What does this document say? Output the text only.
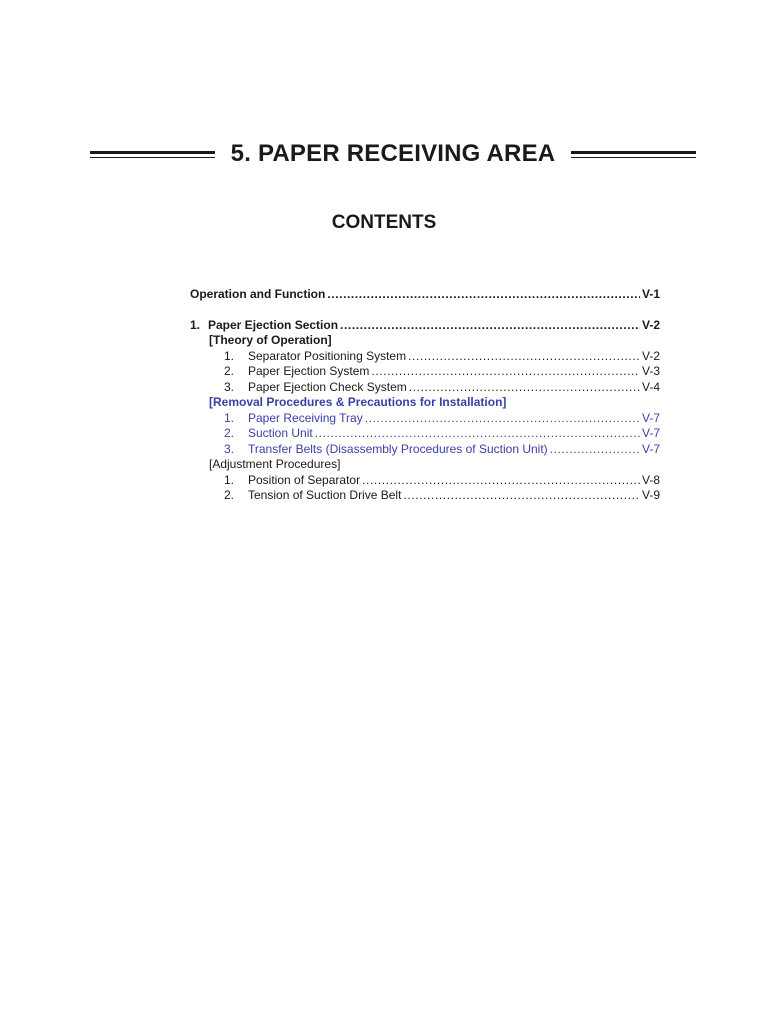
5. PAPER RECEIVING AREA
CONTENTS
Operation and Function .....	V-1
1. Paper Ejection Section .....	V-2
[Theory of Operation]
1. Separator Positioning System .....	V-2
2. Paper Ejection System .....	V-3
3. Paper Ejection Check System .....	V-4
[Removal Procedures & Precautions for Installation]
1. Paper Receiving Tray .....	V-7
2. Suction Unit .....	V-7
3. Transfer Belts (Disassembly Procedures of Suction Unit) .....	V-7
[Adjustment Procedures]
1. Position of Separator .....	V-8
2. Tension of Suction Drive Belt .....	V-9
